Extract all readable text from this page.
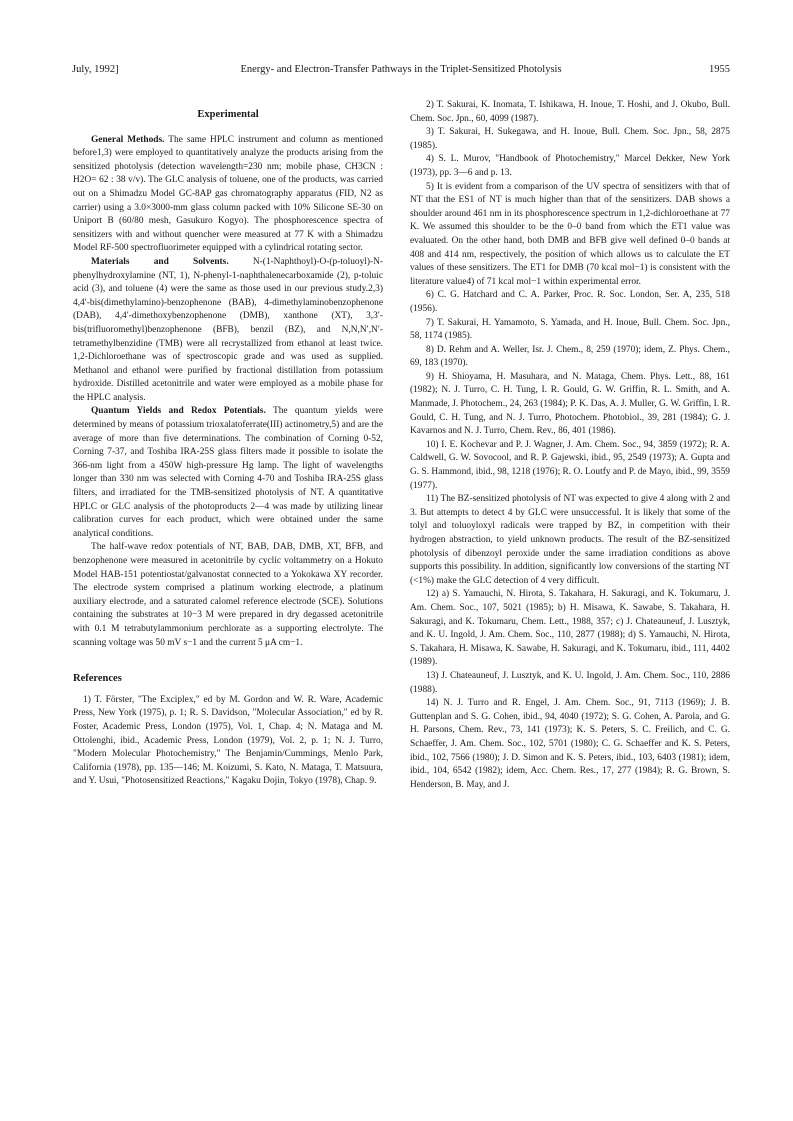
July, 1992]	Energy- and Electron-Transfer Pathways in the Triplet-Sensitized Photolysis	1955
Experimental

General Methods. The same HPLC instrument and column as mentioned before1,3) were employed to quantitatively analyze the products arising from the sensitized photolysis (detection wavelength=230 nm; mobile phase, CH3CN : H2O= 62 : 38 v/v). The GLC analysis of toluene, one of the products, was carried out on a Shimadzu Model GC-8AP gas chromatography apparatus (FID, N2 as carrier) using a 3.0×3000-mm glass column packed with 10% Silicone SE-30 on Uniport B (60/80 mesh, Gasukuro Kogyo). The phosphorescence spectra of sensitizers with and without quencher were measured at 77 K with a Shimadzu Model RF-500 spectrofluorimeter equipped with a cylindrical rotating sector.

Materials and Solvents.	N-(1-Naphthoyl)-O-(p-toluoyl)-N-phenylhydroxylamine (NT, 1), N-phenyl-1-naphthalenecarboxamide (2), p-toluic acid (3), and toluene (4) were the same as those used in our previous study.2,3) 4,4′-bis(dimethylamino)-benzophenone (BAB), 4-dimethylaminobenzophenone (DAB), 4,4′-dimethoxybenzophenone (DMB), xanthone (XT), 3,3′-bis(trifluoromethyl)benzophenone (BFB), benzil (BZ), and N,N,N′,N′-tetramethylbenzidine (TMB) were all recrystallized from ethanol at least twice. 1,2-Dichloroethane was of spectroscopic grade and was used as supplied. Methanol and ethanol were purified by fractional distillation from potassium hydroxide. Distilled acetonitrile and water were employed as a mobile phase for the HPLC analysis.

Quantum Yields and Redox Potentials. The quantum yields were determined by means of potassium trioxalatoferrate(III) actinometry,5) and are the average of more than five determinations. The combination of Corning 0-52, Corning 7-37, and Toshiba IRA-25S glass filters made it possible to isolate the 366-nm light from a 450W high-pressure Hg lamp. The light of wavelengths longer than 330 nm was selected with Corning 4-70 and Toshiba IRA-25S glass filters, and irradiated for the TMB-sensitized photolysis of NT. A quantitative HPLC or GLC analysis of the photoproducts 2—4 was made by utilizing linear calibration curves for each product, which were obtained under the same analytical conditions.

The half-wave redox potentials of NT, BAB, DAB, DMB, XT, BFB, and benzophenone were measured in acetonitrile by cyclic voltammetry on a Hokuto Model HAB-151 potentiostat/galvanostat connected to a Yokokawa XY recorder. The electrode system comprised a platinum working electrode, a platinum auxiliary electrode, and a saturated calomel reference electrode (SCE). Solutions containing the substrates at 10−3 M were prepared in dry degassed acetonitrile with 0.1 M tetrabutylammonium perchlorate as a supporting electrolyte. The scanning voltage was 50 mV s−1 and the current 5 μA cm−1.

References

1) T. Förster, "The Exciplex," ed by M. Gordon and W. R. Ware, Academic Press, New York (1975), p. 1; R. S. Davidson, "Molecular Association," ed by R. Foster, Academic Press, London (1975), Vol. 1, Chap. 4; N. Mataga and M. Ottolenghi, ibid., Academic Press, London (1979), Vol. 2, p. 1; N. J. Turro, "Modern Molecular Photochemistry," The Benjamin/Cummings, Menlo Park, California (1978), pp. 135—146; M. Koizumi, S. Kato, N. Mataga, T. Matsuura, and Y. Usui, "Photosensitized Reactions," Kagaku Dojin, Tokyo (1978), Chap. 9.

2) T. Sakurai, K. Inomata, T. Ishikawa, H. Inoue, T. Hoshi, and J. Okubo, Bull. Chem. Soc. Jpn., 60, 4099 (1987).

3) T. Sakurai, H. Sukegawa, and H. Inoue, Bull. Chem. Soc. Jpn., 58, 2875 (1985).

4) S. L. Murov, "Handbook of Photochemistry," Marcel Dekker, New York (1973), pp. 3—6 and p. 13.

5) It is evident from a comparison of the UV spectra of sensitizers with that of NT that the ES1 of NT is much higher than that of the sensitizers. DAB shows a shoulder around 461 nm in its phosphorescence spectrum in 1,2-dichloroethane at 77 K. We assumed this shoulder to be the 0–0 band from which the ET1 value was evaluated. On the other hand, both DMB and BFB give well defined 0–0 bands at 408 and 414 nm, respectively, the position of which allows us to calculate the ET values of these sensitizers. The ET1 for DMB (70 kcal mol−1) is consistent with the literature value4) of 71 kcal mol−1 within experimental error.

6) C. G. Hatchard and C. A. Parker, Proc. R. Soc. London, Ser. A, 235, 518 (1956).

7) T. Sakurai, H. Yamamoto, S. Yamada, and H. Inoue, Bull. Chem. Soc. Jpn., 58, 1174 (1985).

8) D. Rehm and A. Weller, Isr. J. Chem., 8, 259 (1970); idem, Z. Phys. Chem., 69, 183 (1970).

9) H. Shioyama, H. Masuhara, and N. Mataga, Chem. Phys. Lett., 88, 161 (1982); N. J. Turro, C. H. Tung, I. R. Gould, G. W. Griffin, R. L. Smith, and A. Manmade, J. Photochem., 24, 263 (1984); P. K. Das, A. J. Muller, G. W. Griffin, I. R. Gould, C. H. Tung, and N. J. Turro, Photochem. Photobiol., 39, 281 (1984); G. J. Kavarnos and N. J. Turro, Chem. Rev., 86, 401 (1986).

10) I. E. Kochevar and P. J. Wagner, J. Am. Chem. Soc., 94, 3859 (1972); R. A. Caldwell, G. W. Sovocool, and R. P. Gajewski, ibid., 95, 2549 (1973); A. Gupta and G. S. Hammond, ibid., 98, 1218 (1976); R. O. Loutfy and P. de Mayo, ibid., 99, 3559 (1977).

11) The BZ-sensitized photolysis of NT was expected to give 4 along with 2 and 3. But attempts to detect 4 by GLC were unsuccessful. It is likely that some of the tolyl and toluoyloxyl radicals were trapped by BZ, in competition with their hydrogen abstraction, to yield unknown products. The result of the BZ-sensitized photolysis of dibenzoyl peroxide under the same irradiation conditions as above supports this possibility. In addition, significantly low conversions of the starting NT (<1%) make the GLC detection of 4 very difficult.

12) a) S. Yamauchi, N. Hirota, S. Takahara, H. Sakuragi, and K. Tokumaru, J. Am. Chem. Soc., 107, 5021 (1985); b) H. Misawa, K. Sawabe, S. Takahara, H. Sakuragi, and K. Tokumaru, Chem. Lett., 1988, 357; c) J. Chateauneuf, J. Lusztyk, and K. U. Ingold, J. Am. Chem. Soc., 110, 2877 (1988); d) S. Yamauchi, N. Hirota, S. Takahara, H. Misawa, K. Sawabe, H. Sakuragi, and K. Tokumaru, ibid., 111, 4402 (1989).

13) J. Chateauneuf, J. Lusztyk, and K. U. Ingold, J. Am. Chem. Soc., 110, 2886 (1988).

14) N. J. Turro and R. Engel, J. Am. Chem. Soc., 91, 7113 (1969); J. B. Guttenplan and S. G. Cohen, ibid., 94, 4040 (1972); S. G. Cohen, A. Parola, and G. H. Parsons, Chem. Rev., 73, 141 (1973); K. S. Peters, S. C. Freilich, and C. G. Schaeffer, J. Am. Chem. Soc., 102, 5701 (1980); C. G. Schaeffer and K. S. Peters, ibid., 102, 7566 (1980); J. D. Simon and K. S. Peters, ibid., 103, 6403 (1981); idem, ibid., 104, 6542 (1982); idem, Acc. Chem. Res., 17, 277 (1984); R. G. Brown, S. Henderson, B. May, and J.
